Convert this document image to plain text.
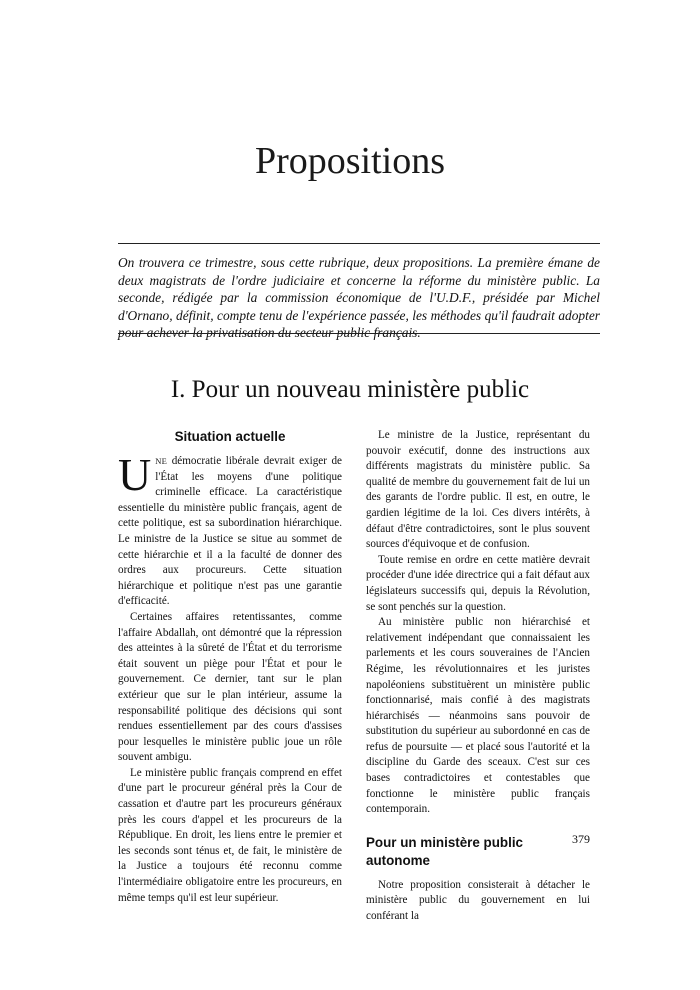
Propositions

On trouvera ce trimestre, sous cette rubrique, deux propositions. La première émane de deux magistrats de l'ordre judiciaire et concerne la réforme du ministère public. La seconde, rédigée par la commission économique de l'U.D.F., présidée par Michel d'Ornano, définit, compte tenu de l'expérience passée, les méthodes qu'il faudrait adopter pour achever la privatisation du secteur public français.

I. Pour un nouveau ministère public
Situation actuelle

UNE démocratie libérale devrait exiger de l'État les moyens d'une politique criminelle efficace. La caractéristique essentielle du ministère public français, agent de cette politique, est sa subordination hiérarchique. Le ministre de la Justice se situe au sommet de cette hiérarchie et il a la faculté de donner des ordres aux procureurs. Cette situation hiérarchique et politique n'est pas une garantie d'efficacité.

Certaines affaires retentissantes, comme l'affaire Abdallah, ont démontré que la répression des atteintes à la sûreté de l'État et du terrorisme était souvent un piège pour l'État et pour le gouvernement. Ce dernier, tant sur le plan extérieur que sur le plan intérieur, assume la responsabilité politique des décisions qui sont rendues essentiellement par des cours d'assises pour lesquelles le ministère public joue un rôle souvent ambigu.

Le ministère public français comprend en effet d'une part le procureur général près la Cour de cassation et d'autre part les procureurs généraux près les cours d'appel et les procureurs de la République. En droit, les liens entre le premier et les seconds sont ténus et, de fait, le ministère de la Justice a toujours été reconnu comme l'intermédiaire obligatoire entre les procureurs, en même temps qu'il est leur supérieur.

Le ministre de la Justice, représentant du pouvoir exécutif, donne des instructions aux différents magistrats du ministère public. Sa qualité de membre du gouvernement fait de lui un des garants de l'ordre public. Il est, en outre, le gardien légitime de la loi. Ces divers intérêts, à défaut d'être contradictoires, sont le plus souvent sources d'équivoque et de confusion.

Toute remise en ordre en cette matière devrait procéder d'une idée directrice qui a fait défaut aux législateurs successifs qui, depuis la Révolution, se sont penchés sur la question.

Au ministère public non hiérarchisé et relativement indépendant que connaissaient les parlements et les cours souveraines de l'Ancien Régime, les révolutionnaires et les juristes napoléoniens substituèrent un ministère public fonctionnarisé, mais confié à des magistrats hiérarchisés — néanmoins sans pouvoir de substitution du supérieur au subordonné en cas de refus de poursuite — et placé sous l'autorité et la discipline du Garde des sceaux. C'est sur ces bases contradictoires et contestables que fonctionne le ministère public français contemporain.

Pour un ministère public autonome

Notre proposition consisterait à détacher le ministère public du gouvernement en lui conférant la

379
